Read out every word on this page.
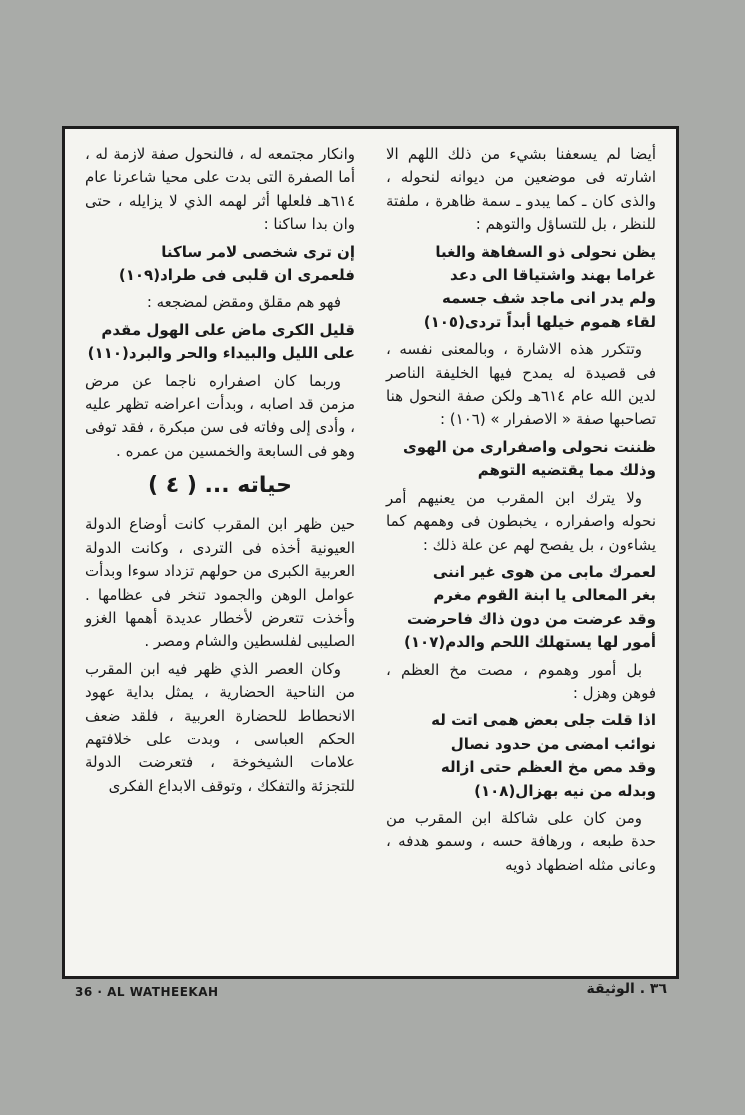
أيضا لم يسعفنا بشيء من ذلك اللهم الا اشارته فى موضعين من ديوانه لنحوله ، والذى كان ـ كما يبدو ـ سمة ظاهرة ، ملفتة للنظر ، بل للتساؤل والتوهم :

يظن نحولى ذو السفاهة والغبا
غراما بهند واشتياقا الى دعد
ولم يدر انى ماجد شف جسمه
لقاء هموم خيلها أبداً تردى(١٠٥)

وتتكرر هذه الاشارة ، وبالمعنى نفسه ، فى قصيدة له يمدح فيها الخليفة الناصر لدين الله عام ٦١٤هـ ولكن صفة النحول هنا تصاحبها صفة « الاصفرار » (١٠٦) :

ظننت نحولى واصفرارى من الهوى
وذلك مما يقتضيه التوهم

ولا يترك ابن المقرب من يعنيهم أمر نحوله واصفراره ، يخبطون فى وهمهم كما يشاءون ، بل يفصح لهم عن علة ذلك :

لعمرك مابى من هوى غير اننى
بغر المعالى يا ابنة القوم مغرم
وقد عرضت من دون ذاك فاحرضت
أمور لها يستهلك اللحم والدم(١٠٧)

بل أمور وهموم ، مصت مخ العظم ، فوهن وهزل :

اذا قلت جلى بعض همى اتت له
نوائب امضى من حدود نصال
وقد مص مخ العظم حتى ازاله
وبدله من نيه بهزال(١٠٨)

ومن كان على شاكلة ابن المقرب من حدة طبعه ، ورهافة حسه ، وسمو هدفه ، وعانى مثله اضطهاد ذويه

وانكار مجتمعه له ، فالنحول صفة لازمة له ، أما الصفرة التى بدت على محيا شاعرنا عام ٦١٤هـ فلعلها أثر لهمه الذي لا يزايله ، حتى وان بدا ساكنا :

إن ترى شخصى لامر ساكنا
فلعمرى ان قلبى فى طراد(١٠٩)

فهو هم مقلق ومقض لمضجعه :

قليل الكرى ماض على الهول مقدم
على الليل والبيداء والحر والبرد(١١٠)

وربما كان اصفراره ناجما عن مرض مزمن قد اصابه ، وبدأت اعراضه تظهر عليه ، وأدى إلى وفاته فى سن مبكرة ، فقد توفى وهو فى السابعة والخمسين من عمره .

حياته ... ( ٤ )

حين ظهر ابن المقرب كانت أوضاع الدولة العيونية أخذه فى التردى ، وكانت الدولة العربية الكبرى من حولهم تزداد سوءا وبدأت عوامل الوهن والجمود تنخر فى عظامها . وأخذت تتعرض لأخطار عديدة أهمها الغزو الصليبى لفلسطين والشام ومصر .

وكان العصر الذي ظهر فيه ابن المقرب من الناحية الحضارية ، يمثل بداية عهود الانحطاط للحضارة العربية ، فلقد ضعف الحكم العباسى ، وبدت على خلافتهم علامات الشيخوخة ، فتعرضت الدولة للتجزئة والتفكك ، وتوقف الابداع الفكرى

36 · AL WATHEEKAH	٣٦ . الوثيقة
